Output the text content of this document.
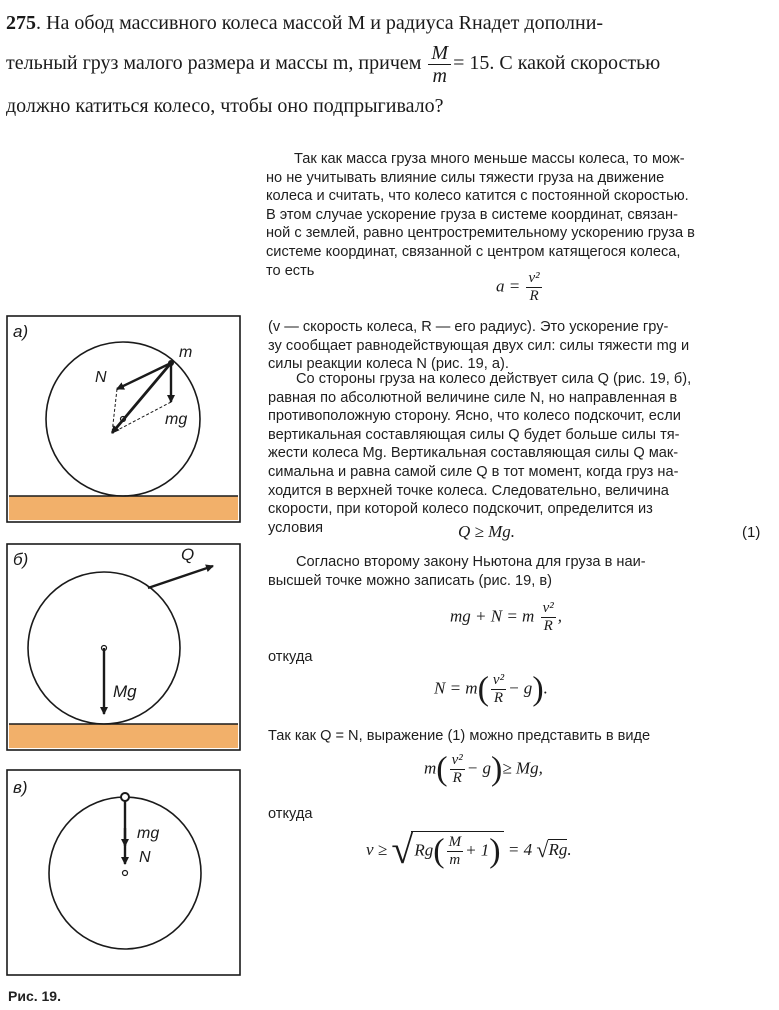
275. На обод массивного колеса массой M и радиуса Rнадет дополни-
тельный груз малого размера и массы m, причем $\frac{M}{m} = 15$. С какой скоростью
должно катиться колесо, чтобы оно подпрыгивало?
Так как масса груза много меньше массы колеса, то мож-
но не учитывать влияние силы тяжести груза на движение
колеса и считать, что колесо катится с постоянной скоростью.
В этом случае ускорение груза в системе координат, связан-
ной с землей, равно центростремительному ускорению груза в
системе координат, связанной с центром катящегося колеса,
то есть
$a = \frac{\text{v²}}{R}$
(v — скорость колеса, R — его радиус). Это ускорение гру-
зу сообщает равнодействующая двух сил: силы тяжести mg и
силы реакции колеса N (рис. 19, а).
Со стороны груза на колесо действует сила Q (рис. 19, б),
равная по абсолютной величине силе N, но направленная в
противоположную сторону. Ясно, что колесо подскочит, если
вертикальная составляющая силы Q будет больше силы тя-
жести колеса Mg. Вертикальная составляющая силы Q мак-
симальна и равна самой силе Q в тот момент, когда груз на-
ходится в верхней точке колеса. Следовательно, величина
скорости, при которой колесо подскочит, определится из
условия	Q ≥ Mg.	(1)
Согласно второму закону Ньютона для груза в наи-
высшей точке можно записать (рис. 19, в)
mg + N = m $\frac{\text{v²}}{R}$ ,
откуда
$N = m( \frac{\text{v²}}{R} - g)$.
Так как Q = N, выражение (1) можно представить в виде
$m( \frac{\text{v²}}{R} - g)\ge Mg$,
откуда
$v \ge √Rg( \frac{M}{m} + 1) = 4$ √Rg.
а)
m
N
mg
б)	Q
Mg
в)
mg
N
Рис. 19.
